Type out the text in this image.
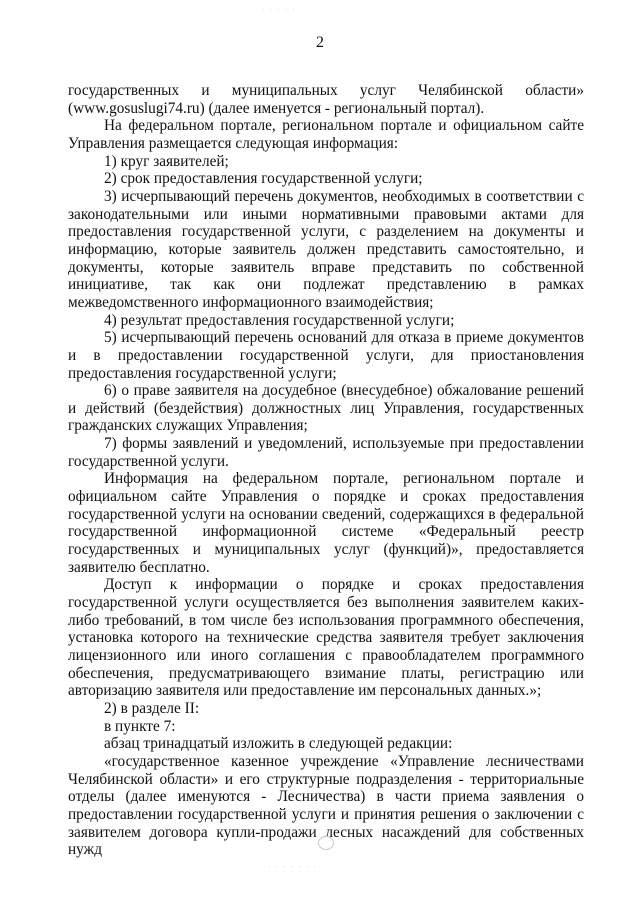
· · · · ·
2

государственных и муниципальных услуг Челябинской области» (www.gosuslugi74.ru) (далее именуется - региональный портал).

На федеральном портале, региональном портале и официальном сайте Управления размещается следующая информация:

1) круг заявителей;

2) срок предоставления государственной услуги;

3) исчерпывающий перечень документов, необходимых в соответствии с законодательными или иными нормативными правовыми актами для предоставления государственной услуги, с разделением на документы и информацию, которые заявитель должен представить самостоятельно, и документы, которые заявитель вправе представить по собственной инициативе, так как они подлежат представлению в рамках межведомственного информационного взаимодействия;

4) результат предоставления государственной услуги;

5) исчерпывающий перечень оснований для отказа в приеме документов и в предоставлении государственной услуги, для приостановления предоставления государственной услуги;

6) о праве заявителя на досудебное (внесудебное) обжалование решений и действий (бездействия) должностных лиц Управления, государственных гражданских служащих Управления;

7) формы заявлений и уведомлений, используемые при предоставлении государственной услуги.

Информация на федеральном портале, региональном портале и официальном сайте Управления о порядке и сроках предоставления государственной услуги на основании сведений, содержащихся в федеральной государственной информационной системе «Федеральный реестр государственных и муниципальных услуг (функций)», предоставляется заявителю бесплатно.

Доступ к информации о порядке и сроках предоставления государственной услуги осуществляется без выполнения заявителем каких-либо требований, в том числе без использования программного обеспечения, установка которого на технические средства заявителя требует заключения лицензионного или иного соглашения с правообладателем программного обеспечения, предусматривающего взимание платы, регистрацию или авторизацию заявителя или предоставление им персональных данных.»;

2) в разделе II:

в пункте 7:

абзац тринадцатый изложить в следующей редакции:

«государственное казенное учреждение «Управление лесничествами Челябинской области» и его структурные подразделения - территориальные отделы (далее именуются - Лесничества) в части приема заявления о предоставлении государственной услуги и принятия решения о заключении с заявителем договора купли-продажи лесных насаждений для собственных нужд

· · · · · · ·
